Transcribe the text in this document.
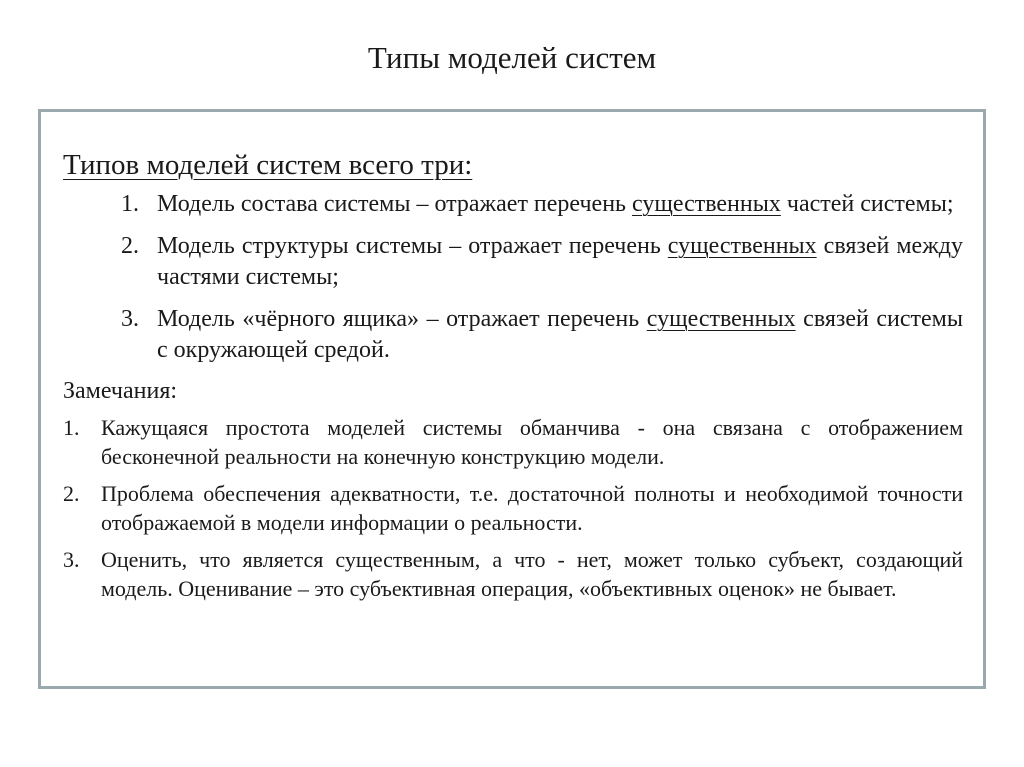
Типы моделей систем
Типов моделей систем всего три:
1. Модель состава системы – отражает перечень существенных частей системы;
2. Модель структуры системы – отражает перечень существенных связей между частями системы;
3. Модель «чёрного ящика» – отражает перечень существенных связей системы с окружающей средой.
Замечания:
1. Кажущаяся простота моделей системы обманчива - она связана с отображением бесконечной реальности на конечную конструкцию модели.
2. Проблема обеспечения адекватности, т.е. достаточной полноты и необходимой точности отображаемой в модели информации о реальности.
3. Оценить, что является существенным, а что - нет, может только субъект, создающий модель. Оценивание – это субъективная операция, «объективных оценок» не бывает.
